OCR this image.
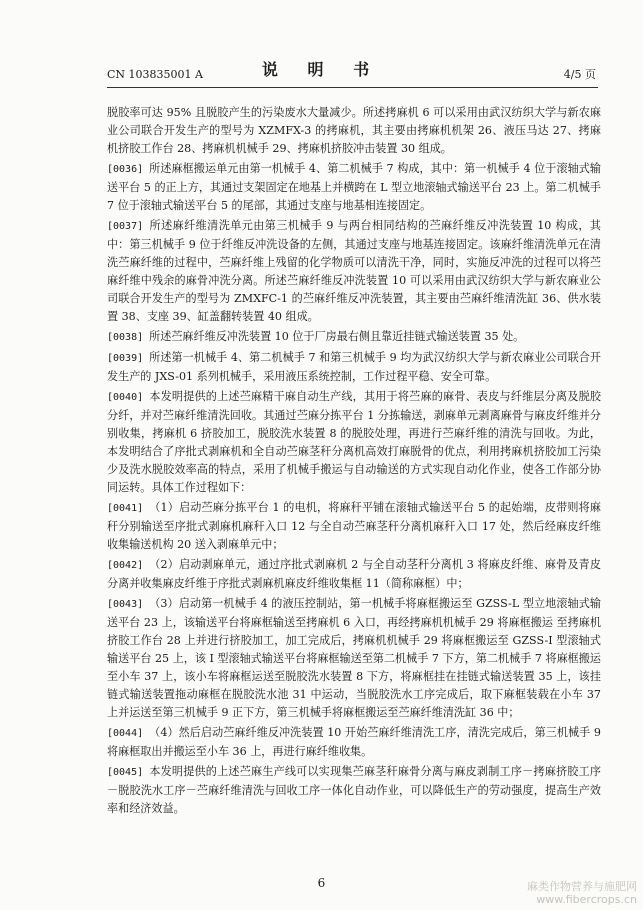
CN 103835001 A	说 明 书	4/5 页

脱胶率可达 95% 且脱胶产生的污染废水大量减少。所述拷麻机 6 可以采用由武汉纺织大学与新农麻业公司联合开发生产的型号为 XZMFX-3 的拷麻机，其主要由拷麻机机架 26、液压马达 27、拷麻机挤胶工作台 28、拷麻机机械手 29、拷麻机挤胶冲击装置 30 组成。

[0036] 所述麻框搬运单元由第一机械手 4、第二机械手 7 构成，其中：第一机械手 4 位于滚轴式输送平台 5 的正上方，其通过支架固定在地基上并横跨在 L 型立地滚轴式输送平台 23 上。第二机械手 7 位于滚轴式输送平台 5 的尾部，其通过支座与地基相连接固定。

[0037] 所述麻纤维清洗单元由第三机械手 9 与两台相同结构的苎麻纤维反冲洗装置 10 构成，其中：第三机械手 9 位于纤维反冲洗设备的左侧，其通过支座与地基连接固定。该麻纤维清洗单元在清洗苎麻纤维的过程中，苎麻纤维上残留的化学物质可以清洗干净，同时，实施反冲洗的过程可以将苎麻纤维中残余的麻骨冲洗分离。所述苎麻纤维反冲洗装置 10 可以采用由武汉纺织大学与新农麻业公司联合开发生产的型号为 ZMXFC-1 的苎麻纤维反冲洗装置，其主要由苎麻纤维清洗缸 36、供水装置 38、支座 39、缸盖翻转装置 40 组成。

[0038] 所述苎麻纤维反冲洗装置 10 位于厂房最右侧且靠近挂链式输送装置 35 处。

[0039] 所述第一机械手 4、第二机械手 7 和第三机械手 9 均为武汉纺织大学与新农麻业公司联合开发生产的 JXS-01 系列机械手，采用液压系统控制，工作过程平稳、安全可靠。

[0040] 本发明提供的上述苎麻精干麻自动生产线，其用于将苎麻的麻骨、表皮与纤维层分离及脱胶分纤，并对苎麻纤维清洗回收。其通过苎麻分拣平台 1 分拣输送，剥麻单元剥离麻骨与麻皮纤维并分别收集，拷麻机 6 挤胶加工，脱胶洗水装置 8 的脱胶处理，再进行苎麻纤维的清洗与回收。为此，本发明结合了序批式剥麻机和全自动苎麻茎秆分离机高效打麻脱骨的优点，利用拷麻机挤胶加工污染少及洗水脱胶效率高的特点，采用了机械手搬运与自动输送的方式实现自动化作业，使各工作部分协同运转。具体工作过程如下：

[0041] （1）启动苎麻分拣平台 1 的电机，将麻秆平铺在滚轴式输送平台 5 的起始端，皮带则将麻秆分别输送至序批式剥麻机麻秆入口 12 与全自动苎麻茎秆分离机麻秆入口 17 处，然后经麻皮纤维收集输送机构 20 送入剥麻单元中；

[0042] （2）启动剥麻单元，通过序批式剥麻机 2 与全自动茎秆分离机 3 将麻皮纤维、麻骨及青皮分离并收集麻皮纤维于序批式剥麻机麻皮纤维收集框 11（简称麻框）中；

[0043] （3）启动第一机械手 4 的液压控制站，第一机械手将麻框搬运至 GZSS-L 型立地滚轴式输送平台 23 上，该输送平台将麻框输送至拷麻机 6 入口，再经拷麻机机械手 29 将麻框搬运 至拷麻机挤胶工作台 28 上并进行挤胶加工，加工完成后，拷麻机机械手 29 将麻框搬运至 GZSS-I 型滚轴式输送平台 25 上，该 I 型滚轴式输送平台将麻框输送至第二机械手 7 下方，第二机械手 7 将麻框搬运至小车 37 上，该小车将麻框运送至脱胶洗水装置 8 下方，将麻框挂在挂链式输送装置 35 上，该挂链式输送装置拖动麻框在脱胶洗水池 31 中运动，当脱胶洗水工序完成后，取下麻框装载在小车 37 上并运送至第三机械手 9 正下方，第三机械手将麻框搬运至苎麻纤维清洗缸 36 中；

[0044] （4）然后启动苎麻纤维反冲洗装置 10 开始苎麻纤维清洗工序，清洗完成后，第三机械手 9 将麻框取出并搬运至小车 36 上，再进行麻纤维收集。

[0045] 本发明提供的上述苎麻生产线可以实现集苎麻茎秆麻骨分离与麻皮剥制工序－拷麻挤胶工序－脱胶洗水工序－苎麻纤维清洗与回收工序一体化自动作业，可以降低生产的劳动强度，提高生产效率和经济效益。

6	麻类作物营养与施肥网
www.fibercrops.cn
